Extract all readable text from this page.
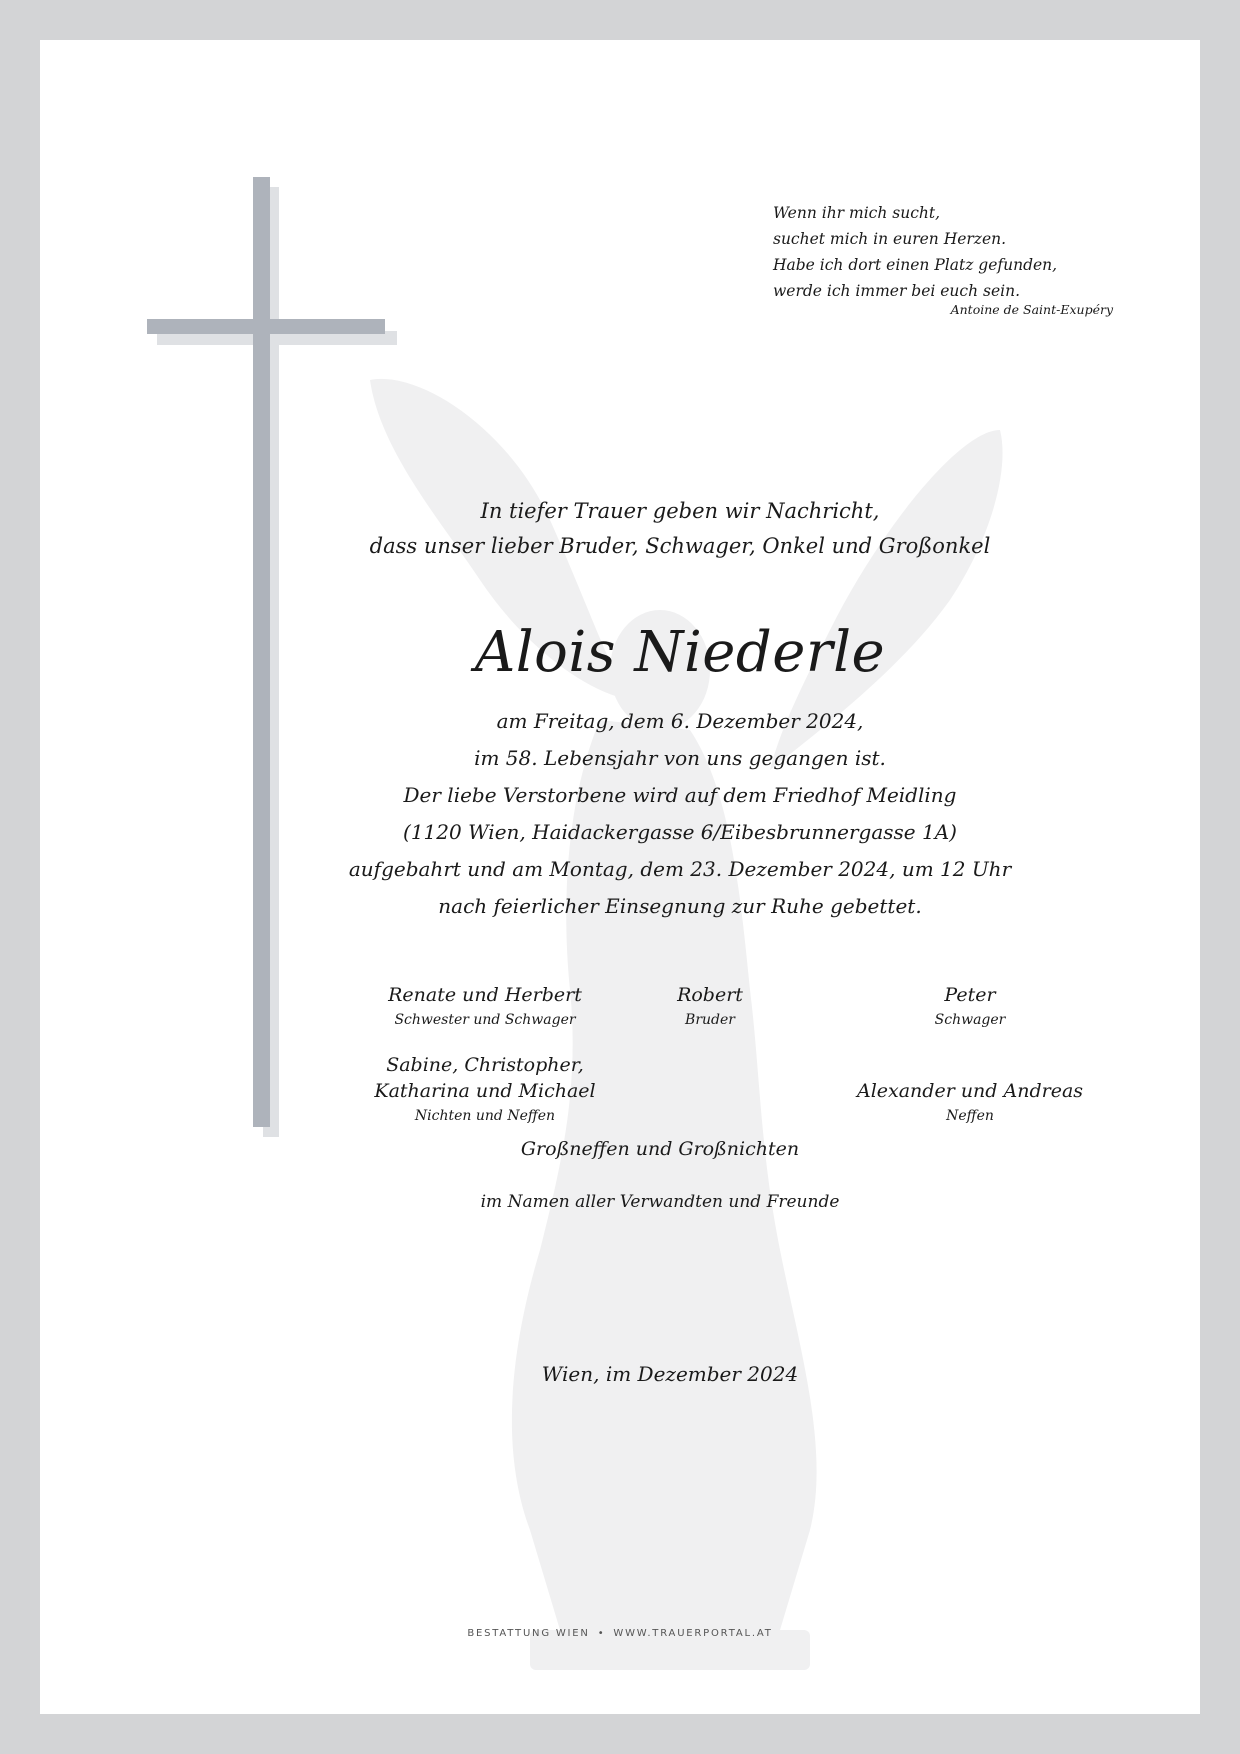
Wenn ihr mich sucht,
suchet mich in euren Herzen.
Habe ich dort einen Platz gefunden,
werde ich immer bei euch sein.
Antoine de Saint-Exupéry
In tiefer Trauer geben wir Nachricht,
dass unser lieber Bruder, Schwager, Onkel und Großonkel
Alois Niederle
am Freitag, dem 6. Dezember 2024,
im 58. Lebensjahr von uns gegangen ist.
Der liebe Verstorbene wird auf dem Friedhof Meidling
(1120 Wien, Haidackergasse 6/Eibesbrunnergasse 1A)
aufgebahrt und am Montag, dem 23. Dezember 2024, um 12 Uhr
nach feierlicher Einsegnung zur Ruhe gebettet.
Renate und Herbert
Schwester und Schwager
Robert
Bruder
Peter
Schwager
Sabine, Christopher,
Katharina und Michael
Nichten und Neffen
Alexander und Andreas
Neffen
Großneffen und Großnichten
im Namen aller Verwandten und Freunde
Wien, im Dezember 2024
BESTATTUNG WIEN • WWW.TRAUERPORTAL.AT
